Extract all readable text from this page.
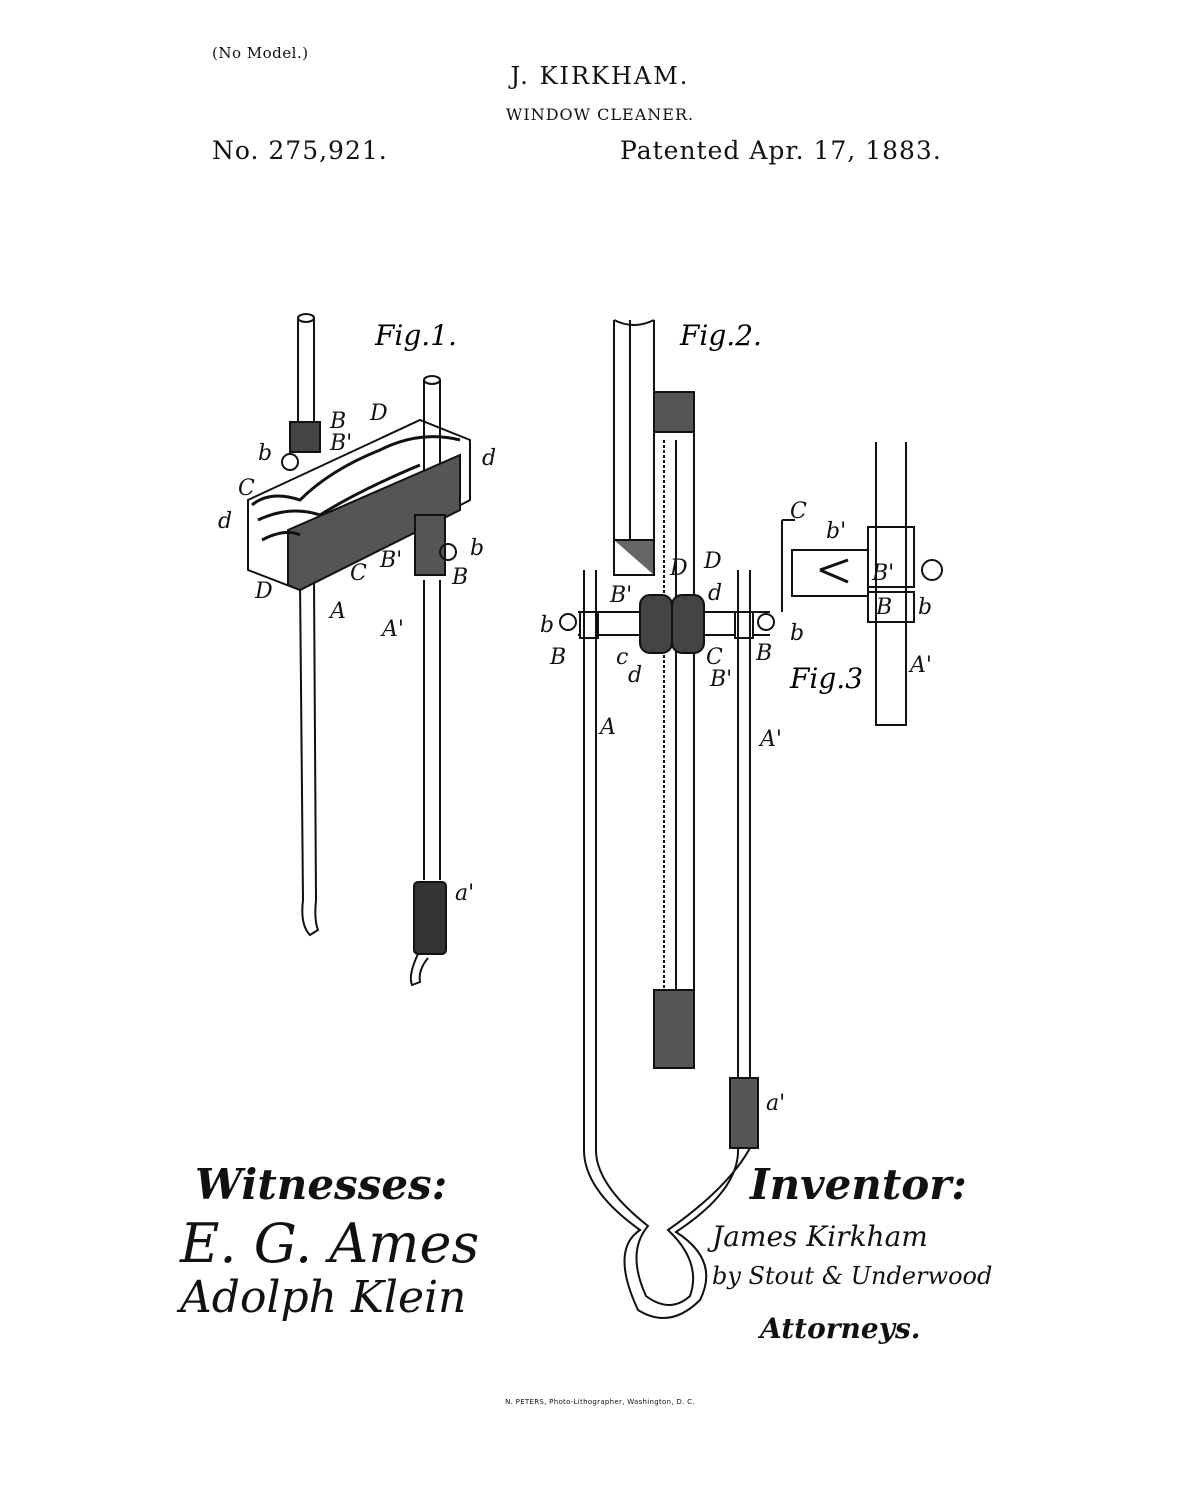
(No Model.)
J. KIRKHAM.
WINDOW CLEANER.
No. 275,921.	Patented Apr. 17, 1883.
Fig.1.	Fig.2.
Fig.3
B
B'
D
b	d
C
d
b
B'
C	B
D
A
A'
a'
D D
B'	d
b	b
B c
d
C B
B'
A	A'
a'
C
b'
B'
B b
A'
Witnesses:	Inventor:
E. G. Ames
Adolph Klein
James Kirkham
by Stout & Underwood
Attorneys.
N. PETERS, Photo-Lithographer, Washington, D. C.
